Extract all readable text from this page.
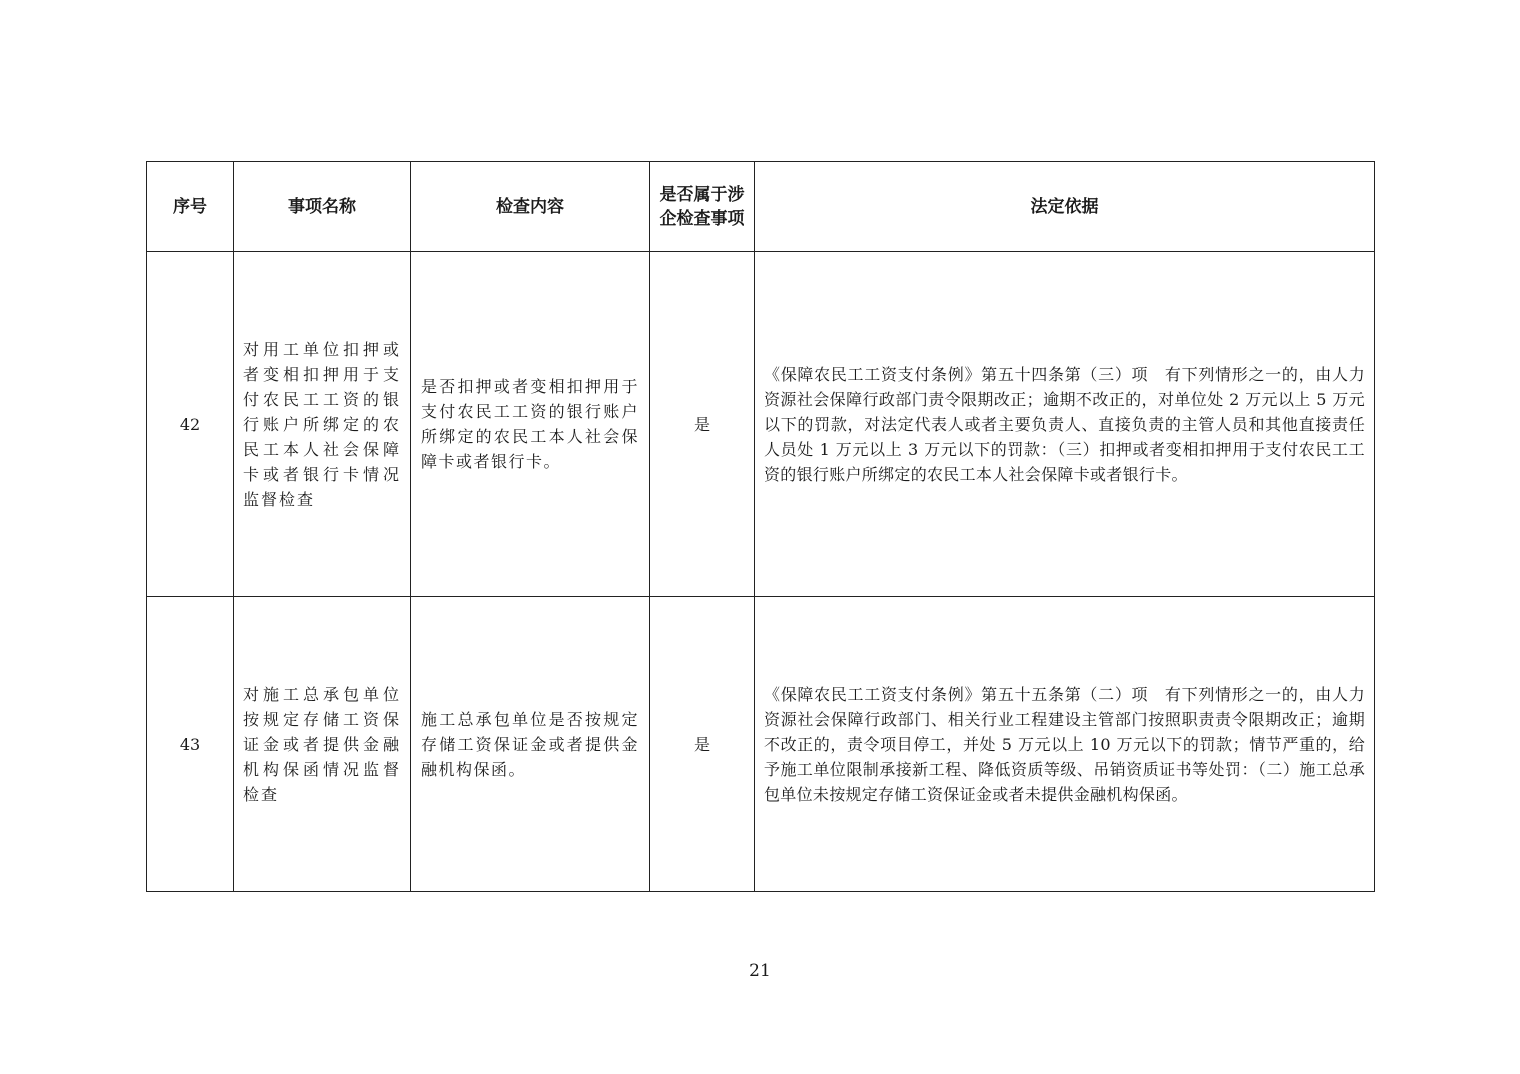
序号	事项名称	检查内容	是否属于涉企检查事项	法定依据
42	对用工单位扣押或者变相扣押用于支付农民工工资的银行账户所绑定的农民工本人社会保障卡或者银行卡情况监督检查	是否扣押或者变相扣押用于支付农民工工资的银行账户所绑定的农民工本人社会保障卡或者银行卡。	是	《保障农民工工资支付条例》第五十四条第（三）项　有下列情形之一的，由人力资源社会保障行政部门责令限期改正；逾期不改正的，对单位处 2 万元以上 5 万元以下的罚款，对法定代表人或者主要负责人、直接负责的主管人员和其他直接责任人员处 1 万元以上 3 万元以下的罚款：（三）扣押或者变相扣押用于支付农民工工资的银行账户所绑定的农民工本人社会保障卡或者银行卡。
43	对施工总承包单位按规定存储工资保证金或者提供金融机构保函情况监督检查	施工总承包单位是否按规定存储工资保证金或者提供金融机构保函。	是	《保障农民工工资支付条例》第五十五条第（二）项　有下列情形之一的，由人力资源社会保障行政部门、相关行业工程建设主管部门按照职责责令限期改正；逾期不改正的，责令项目停工，并处 5 万元以上 10 万元以下的罚款；情节严重的，给予施工单位限制承接新工程、降低资质等级、吊销资质证书等处罚：（二）施工总承包单位未按规定存储工资保证金或者未提供金融机构保函。
21
